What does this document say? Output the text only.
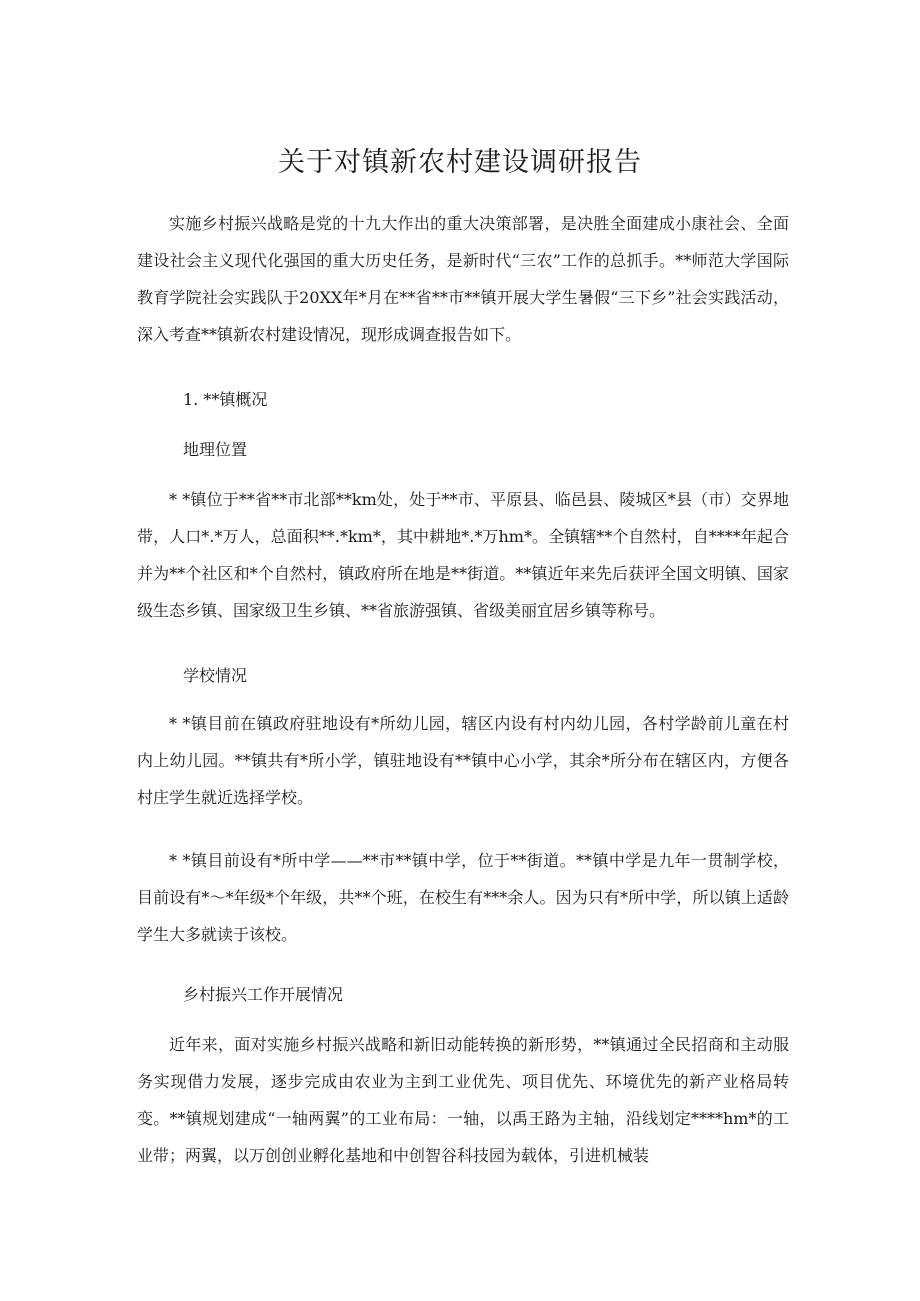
关于对镇新农村建设调研报告

实施乡村振兴战略是党的十九大作出的重大决策部署，是决胜全面建成小康社会、全面建设社会主义现代化强国的重大历史任务，是新时代“三农”工作的总抓手。**师范大学国际教育学院社会实践队于20XX年*月在**省**市**镇开展大学生暑假“三下乡”社会实践活动，深入考查**镇新农村建设情况，现形成调查报告如下。

1. **镇概况
地理位置

* *镇位于**省**市北部**km处，处于**市、平原县、临邑县、陵城区*县（市）交界地带，人口*.*万人，总面积**.*km*，其中耕地*.*万hm*。全镇辖**个自然村，自****年起合并为**个社区和*个自然村，镇政府所在地是**街道。**镇近年来先后获评全国文明镇、国家级生态乡镇、国家级卫生乡镇、**省旅游强镇、省级美丽宜居乡镇等称号。

学校情况

* *镇目前在镇政府驻地设有*所幼儿园，辖区内设有村内幼儿园，各村学龄前儿童在村内上幼儿园。**镇共有*所小学，镇驻地设有**镇中心小学，其余*所分布在辖区内，方便各村庄学生就近选择学校。

* *镇目前设有*所中学——**市**镇中学，位于**街道。**镇中学是九年一贯制学校，目前设有*～*年级*个年级，共**个班，在校生有***余人。因为只有*所中学，所以镇上适龄学生大多就读于该校。

乡村振兴工作开展情况

近年来，面对实施乡村振兴战略和新旧动能转换的新形势，**镇通过全民招商和主动服务实现借力发展，逐步完成由农业为主到工业优先、项目优先、环境优先的新产业格局转变。**镇规划建成“一轴两翼”的工业布局：一轴，以禹王路为主轴，沿线划定****hm*的工业带；两翼，以万创创业孵化基地和中创智谷科技园为载体，引进机械装
